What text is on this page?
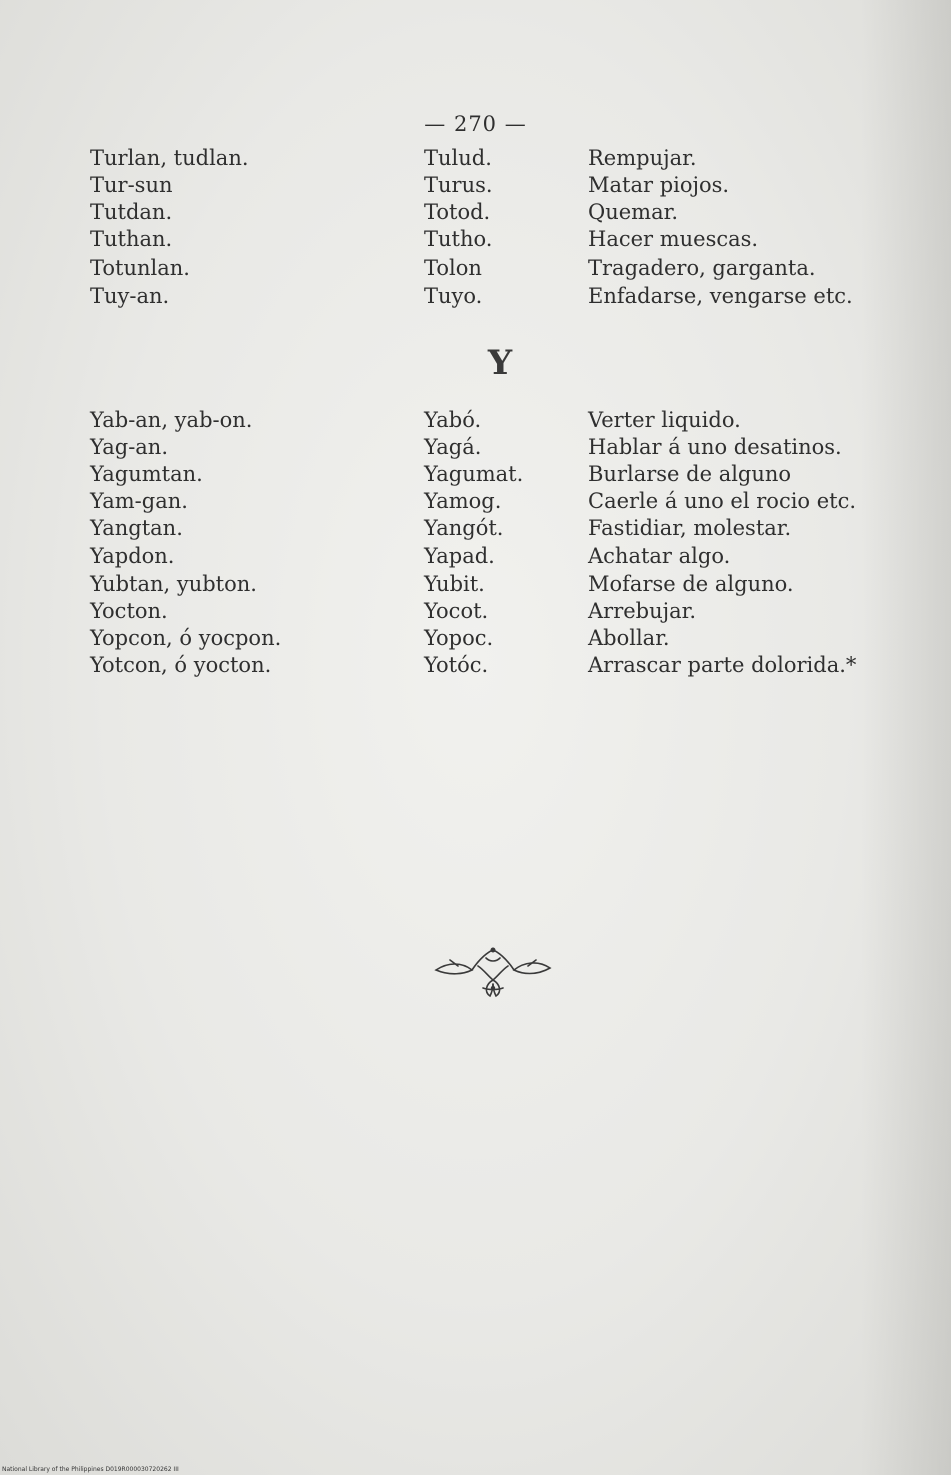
— 270 —
Turlan, tudlan.	Tulud.	Rempujar.
Tur-sun	Turus.	Matar piojos.
Tutdan.	Totod.	Quemar.
Tuthan.	Tutho.	Hacer muescas.
Totunlan.	Tolon	Tragadero, garganta.
Tuy-an.	Tuyo.	Enfadarse, vengarse etc.
Y
Yab-an, yab-on.	Yabó.	Verter liquido.
Yag-an.	Yagá.	Hablar á uno desatinos.
Yagumtan.	Yagumat.	Burlarse de alguno
Yam-gan.	Yamog.	Caerle á uno el rocio etc.
Yangtan.	Yangót.	Fastidiar, molestar.
Yapdon.	Yapad.	Achatar algo.
Yubtan, yubton.	Yubit.	Mofarse de alguno.
Yocton.	Yocot.	Arrebujar.
Yopcon, ó yocpon.	Yopoc.	Abollar.
Yotcon, ó yocton.	Yotóc.	Arrascar parte dolorida.*
National Library of the Philippines D019R000030720262 III
